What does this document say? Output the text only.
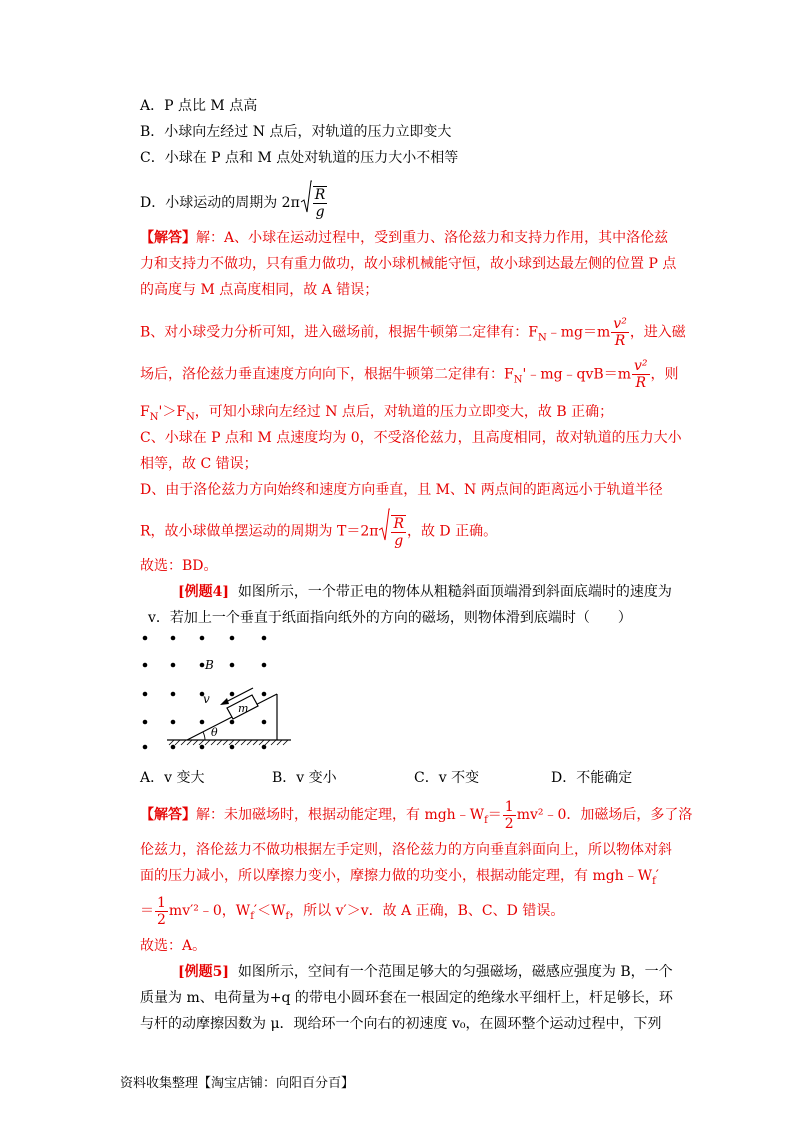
A．P 点比 M 点高
B．小球向左经过 N 点后，对轨道的压力立即变大
C．小球在 P 点和 M 点处对轨道的压力大小不相等
D．小球运动的周期为 $2\pi \frac{R}{g}$
【解答】解：A、小球在运动过程中，受到重力、洛伦兹力和支持力作用，其中洛伦兹
力和支持力不做功，只有重力做功，故小球机械能守恒，故小球到达最左侧的位置 P 点
的高度与 M 点高度相同，故 A 错误；
B、对小球受力分析可知，进入磁场前，根据牛顿第二定律有：$F_N﹣mg=m \frac{\text{v²}}{R}$ ，进入磁
场后，洛伦兹力垂直速度方向向下，根据牛顿第二定律有：$F_N'﹣mg﹣qvB=m \frac{\text{v²}}{R}$ ，则
$F_N'>F_N$，可知小球向左经过 N 点后，对轨道的压力立即变大，故 B 正确；
C、小球在 P 点和 M 点速度均为 0，不受洛伦兹力，且高度相同，故对轨道的压力大小
相等，故 C 错误；
D、由于洛伦兹力方向始终和速度方向垂直，且 M、N 两点间的距离远小于轨道半径
R，故小球做单摆运动的周期为 $T=2\pi \frac{R}{g}$ ，故 D 正确。
故选：BD。
[例题4] 如图所示，一个带正电的物体从粗糙斜面顶端滑到斜面底端时的速度为
v．若加上一个垂直于纸面指向纸外的方向的磁场，则物体滑到底端时（　　）
m
v
B
θ
A．v 变大	B．v 变小	C．v 不变	D．不能确定
【解答】解：未加磁场时，根据动能定理，有 $mgh﹣W_f= \frac{1}{2}$ mv²﹣0．加磁场后，多了洛
伦兹力，洛伦兹力不做功根据左手定则，洛伦兹力的方向垂直斜面向上，所以物体对斜
面的压力减小，所以摩擦力变小，摩擦力做的功变小，根据动能定理，有 $mgh﹣W_f'$
＝ $\frac{1}{2}$ mv′²﹣0，$W_f'<W_f$，所以 v′＞v．故 A 正确，B、C、D 错误。
故选：A。
[例题5] 如图所示，空间有一个范围足够大的匀强磁场，磁感应强度为 B，一个
质量为 m、电荷量为+q 的带电小圆环套在一根固定的绝缘水平细杆上，杆足够长，环
与杆的动摩擦因数为 μ．现给环一个向右的初速度 v₀，在圆环整个运动过程中，下列
资料收集整理【淘宝店铺：向阳百分百】
